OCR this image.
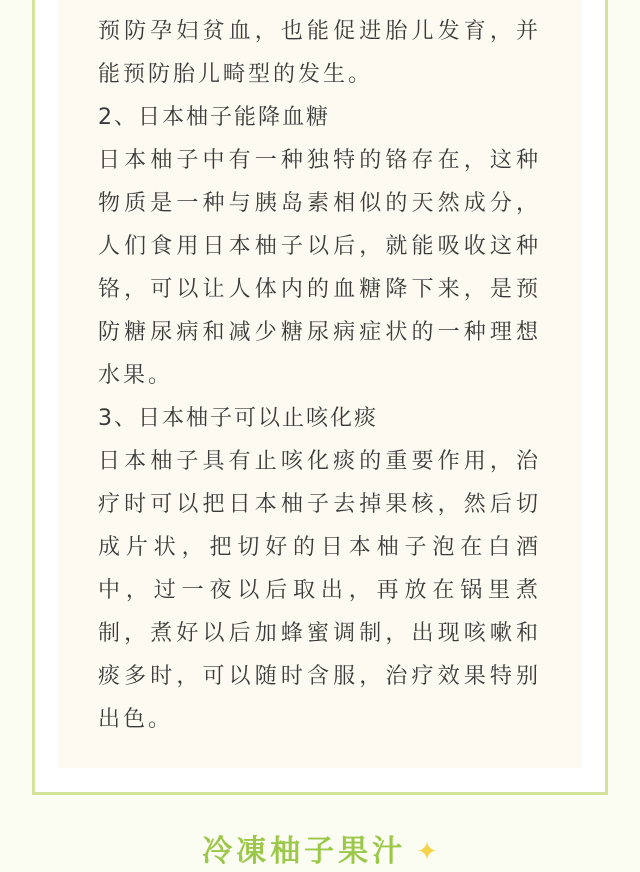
预防孕妇贫血，也能促进胎儿发育，并能预防胎儿畸型的发生。
2、日本柚子能降血糖
日本柚子中有一种独特的铬存在，这种物质是一种与胰岛素相似的天然成分，人们食用日本柚子以后，就能吸收这种铬，可以让人体内的血糖降下来，是预防糖尿病和减少糖尿病症状的一种理想水果。
3、日本柚子可以止咳化痰
日本柚子具有止咳化痰的重要作用，治疗时可以把日本柚子去掉果核，然后切成片状，把切好的日本柚子泡在白酒中，过一夜以后取出，再放在锅里煮制，煮好以后加蜂蜜调制，出现咳嗽和痰多时，可以随时含服，治疗效果特别出色。
冷凍柚子果汁 ✦
